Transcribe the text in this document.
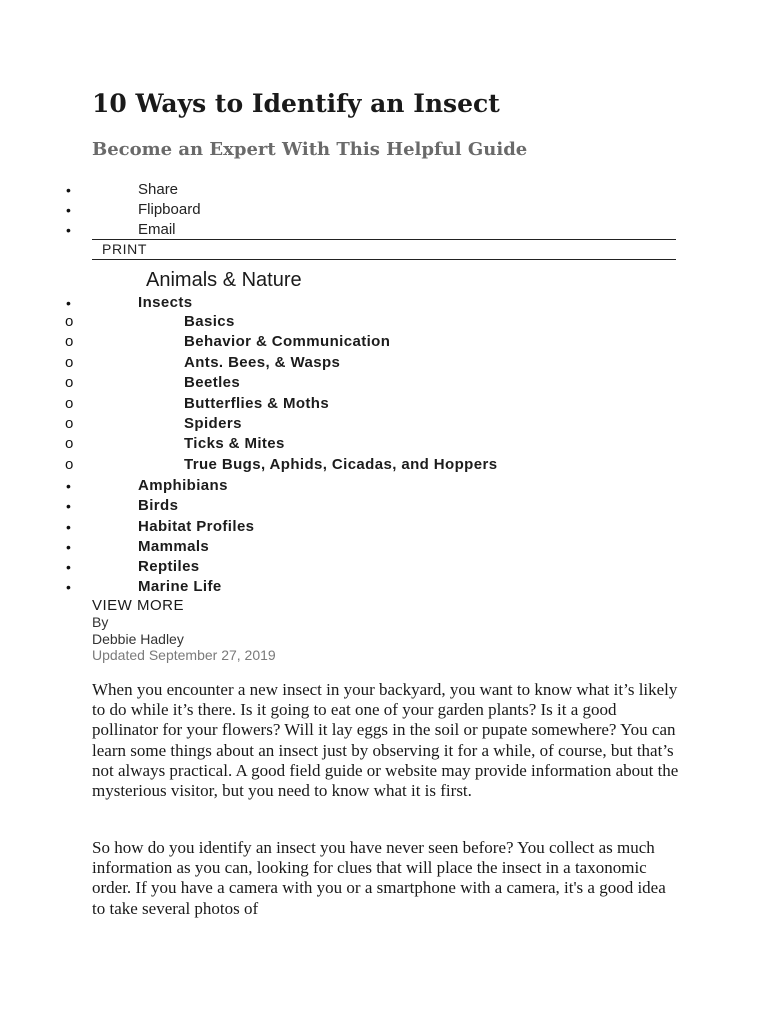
10 Ways to Identify an Insect
Become an Expert With This Helpful Guide
•	Share
•	Flipboard
•	Email
PRINT
Animals & Nature
•	Insects
o	Basics
o	Behavior & Communication
o	Ants. Bees, & Wasps
o	Beetles
o	Butterflies & Moths
o	Spiders
o	Ticks & Mites
o	True Bugs, Aphids, Cicadas, and Hoppers
•	Amphibians
•	Birds
•	Habitat Profiles
•	Mammals
•	Reptiles
•	Marine Life
VIEW MORE
By
Debbie Hadley
Updated September 27, 2019

When you encounter a new insect in your backyard, you want to know what it’s likely to do while it’s there. Is it going to eat one of your garden plants? Is it a good pollinator for your flowers? Will it lay eggs in the soil or pupate somewhere? You can learn some things about an insect just by observing it for a while, of course, but that’s not always practical. A good field guide or website may provide information about the mysterious visitor, but you need to know what it is first.

So how do you identify an insect you have never seen before? You collect as much information as you can, looking for clues that will place the insect in a taxonomic order. If you have a camera with you or a smartphone with a camera, it's a good idea to take several photos of
